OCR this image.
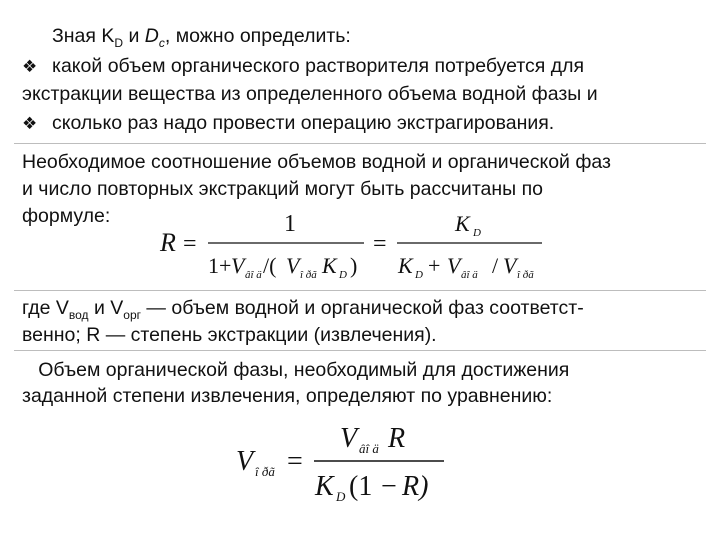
Зная $K_D$ и $D_c$, можно определить:
❖ какой объем органического растворителя потребуется для
экстракции вещества из определенного объема водной фазы и
❖ сколько раз надо провести операцию экстрагирования.
Необходимое соотношение объемов водной и органической фаз
и число повторных экстракций могут быть рассчитаны по
формуле:
R =
1
1+ V âî ä /( V î ðã K D )
=
K D
K D + V âî ä / V î ðã
где $V_{вод}$ и $V_{орг}$ — объем водной и органической фаз соответст-
венно; R — степень экстракции (извлечения).
Объем органической фазы, необходимый для достижения
заданной степени извлечения, определяют по уравнению:
V î ðã =
V âî ä R
K D (1 − R)
